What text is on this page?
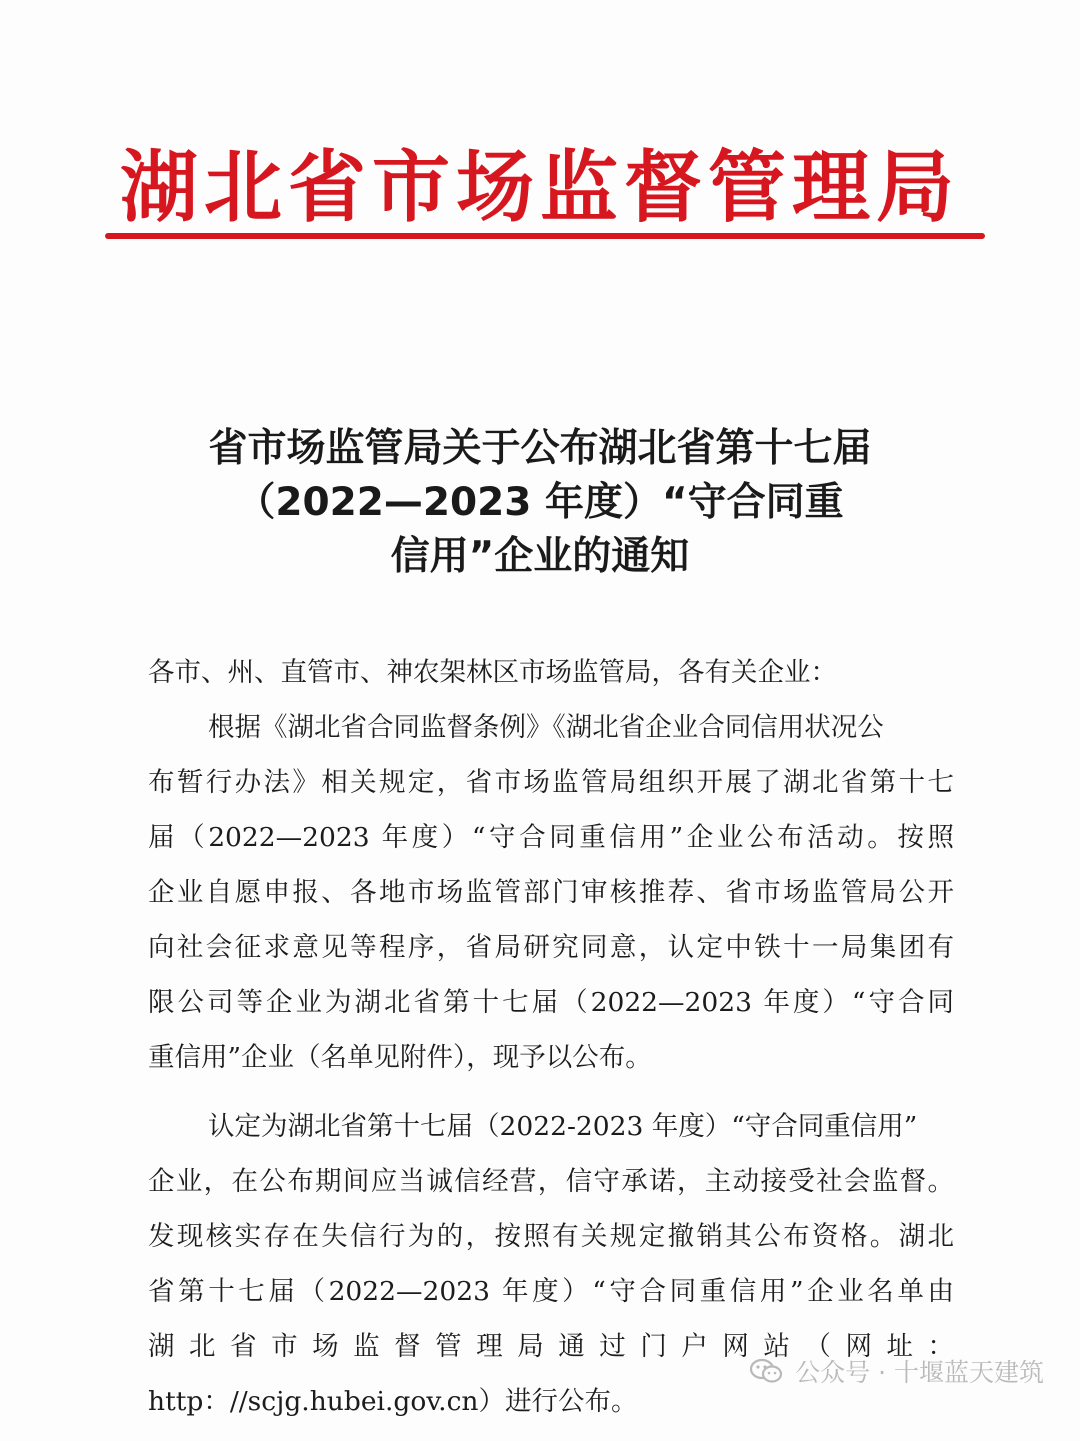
湖北省市场监督管理局
省市场监管局关于公布湖北省第十七届
（2022—2023 年度）“守合同重
信用”企业的通知
各市、州、直管市、神农架林区市场监管局，各有关企业：
根据《湖北省合同监督条例》《湖北省企业合同信用状况公
布暂行办法》相关规定，省市场监管局组织开展了湖北省第十七
届（2022—2023 年度）“守合同重信用”企业公布活动。按照
企业自愿申报、各地市场监管部门审核推荐、省市场监管局公开
向社会征求意见等程序，省局研究同意，认定中铁十一局集团有
限公司等企业为湖北省第十七届（2022—2023 年度）“守合同
重信用”企业（名单见附件），现予以公布。
认定为湖北省第十七届（2022-2023 年度）“守合同重信用”
企业，在公布期间应当诚信经营，信守承诺，主动接受社会监督。
发现核实存在失信行为的，按照有关规定撤销其公布资格。湖北
省第十七届（2022—2023 年度）“守合同重信用”企业名单由
湖北省市场监督管理局通过门户网站（网址：
http：//scjg.hubei.gov.cn）进行公布。
公众号 · 十堰蓝天建筑
